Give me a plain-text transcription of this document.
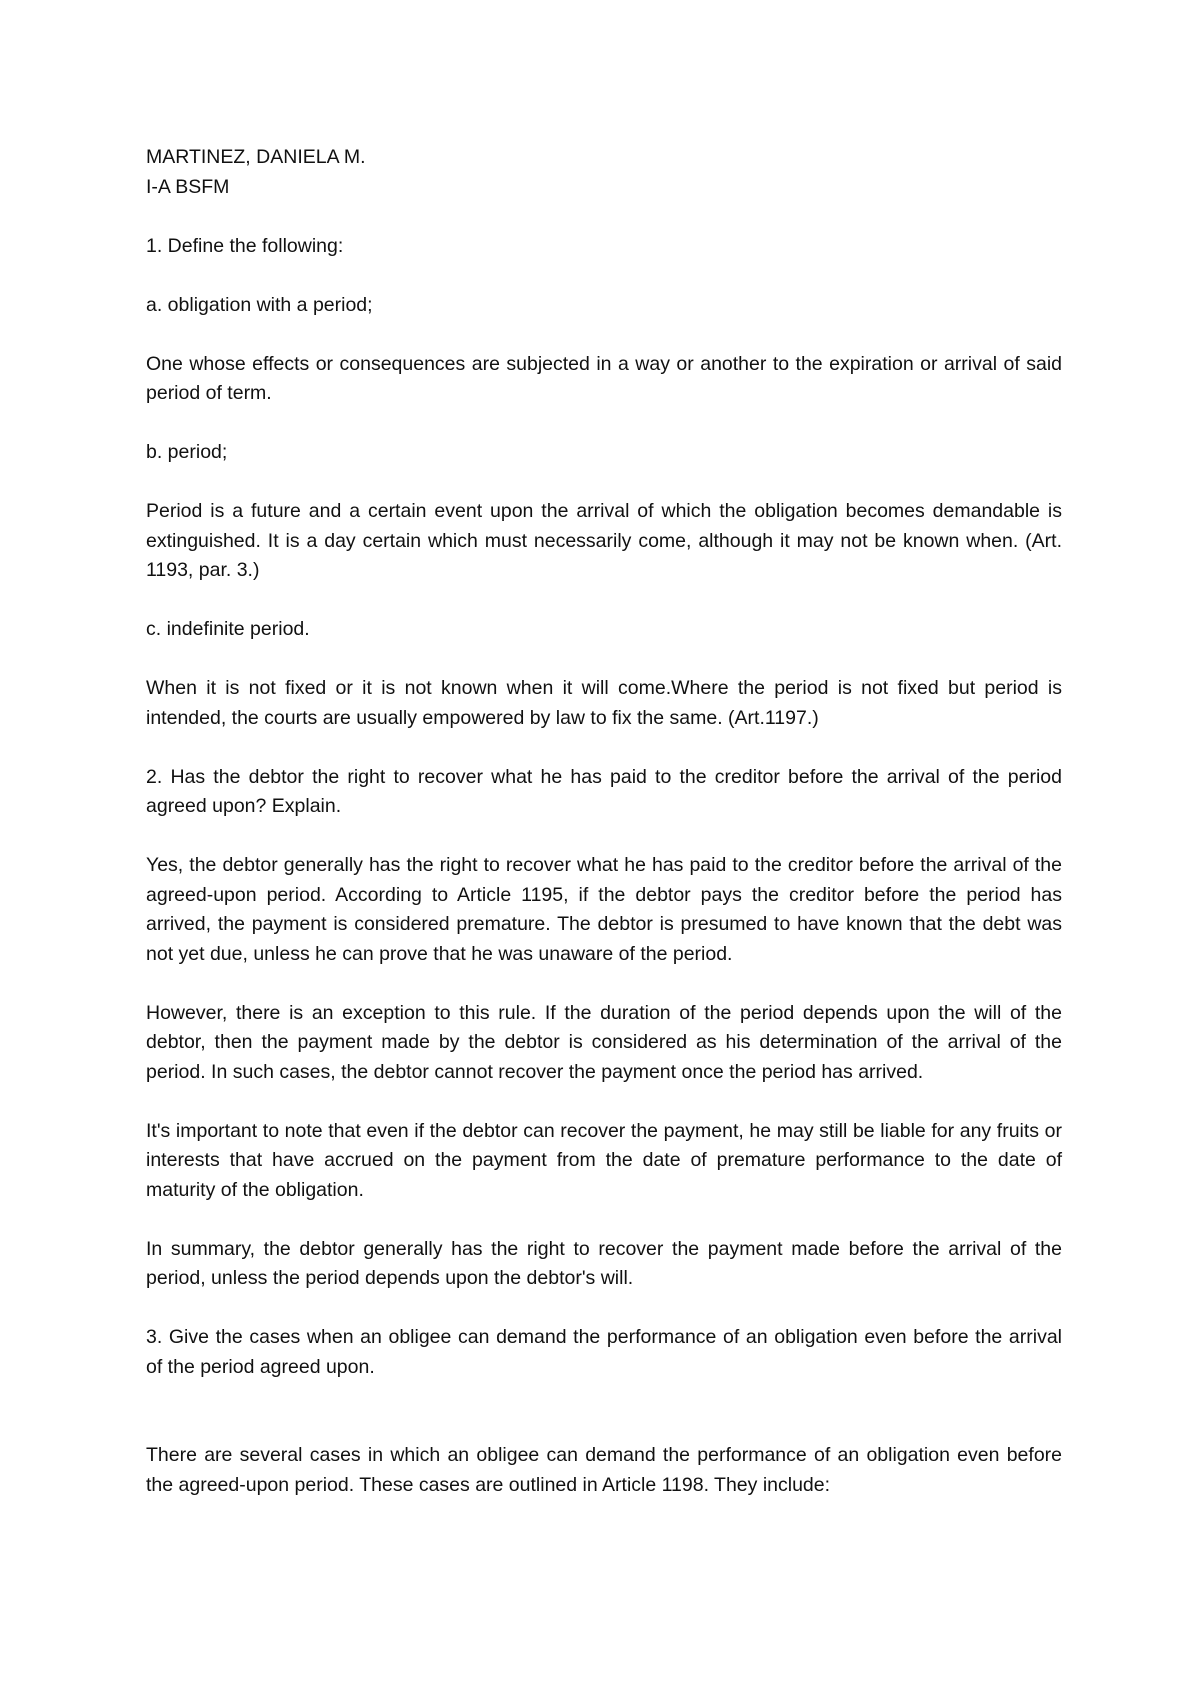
MARTINEZ, DANIELA M.

I-A BSFM

1. Define the following:

a. obligation with a period;

One whose effects or consequences are subjected in a way or another to the expiration or arrival of said period of term.

b. period;

Period is a future and a certain event upon the arrival of which the obligation becomes demandable is extinguished. It is a day certain which must necessarily come, although it may not be known when. (Art. 1193, par. 3.)

c. indefinite period.

When it is not fixed or it is not known when it will come.Where the period is not fixed but period is intended, the courts are usually empowered by law to fix the same. (Art.1197.)

2. Has the debtor the right to recover what he has paid to the creditor before the arrival of the period agreed upon? Explain.

Yes, the debtor generally has the right to recover what he has paid to the creditor before the arrival of the agreed-upon period. According to Article 1195, if the debtor pays the creditor before the period has arrived, the payment is considered premature. The debtor is presumed to have known that the debt was not yet due, unless he can prove that he was unaware of the period.

However, there is an exception to this rule. If the duration of the period depends upon the will of the debtor, then the payment made by the debtor is considered as his determination of the arrival of the period. In such cases, the debtor cannot recover the payment once the period has arrived.

It's important to note that even if the debtor can recover the payment, he may still be liable for any fruits or interests that have accrued on the payment from the date of premature performance to the date of maturity of the obligation.

In summary, the debtor generally has the right to recover the payment made before the arrival of the period, unless the period depends upon the debtor's will.

3. Give the cases when an obligee can demand the performance of an obligation even before the arrival of the period agreed upon.

There are several cases in which an obligee can demand the performance of an obligation even before the agreed-upon period. These cases are outlined in Article 1198. They include:
